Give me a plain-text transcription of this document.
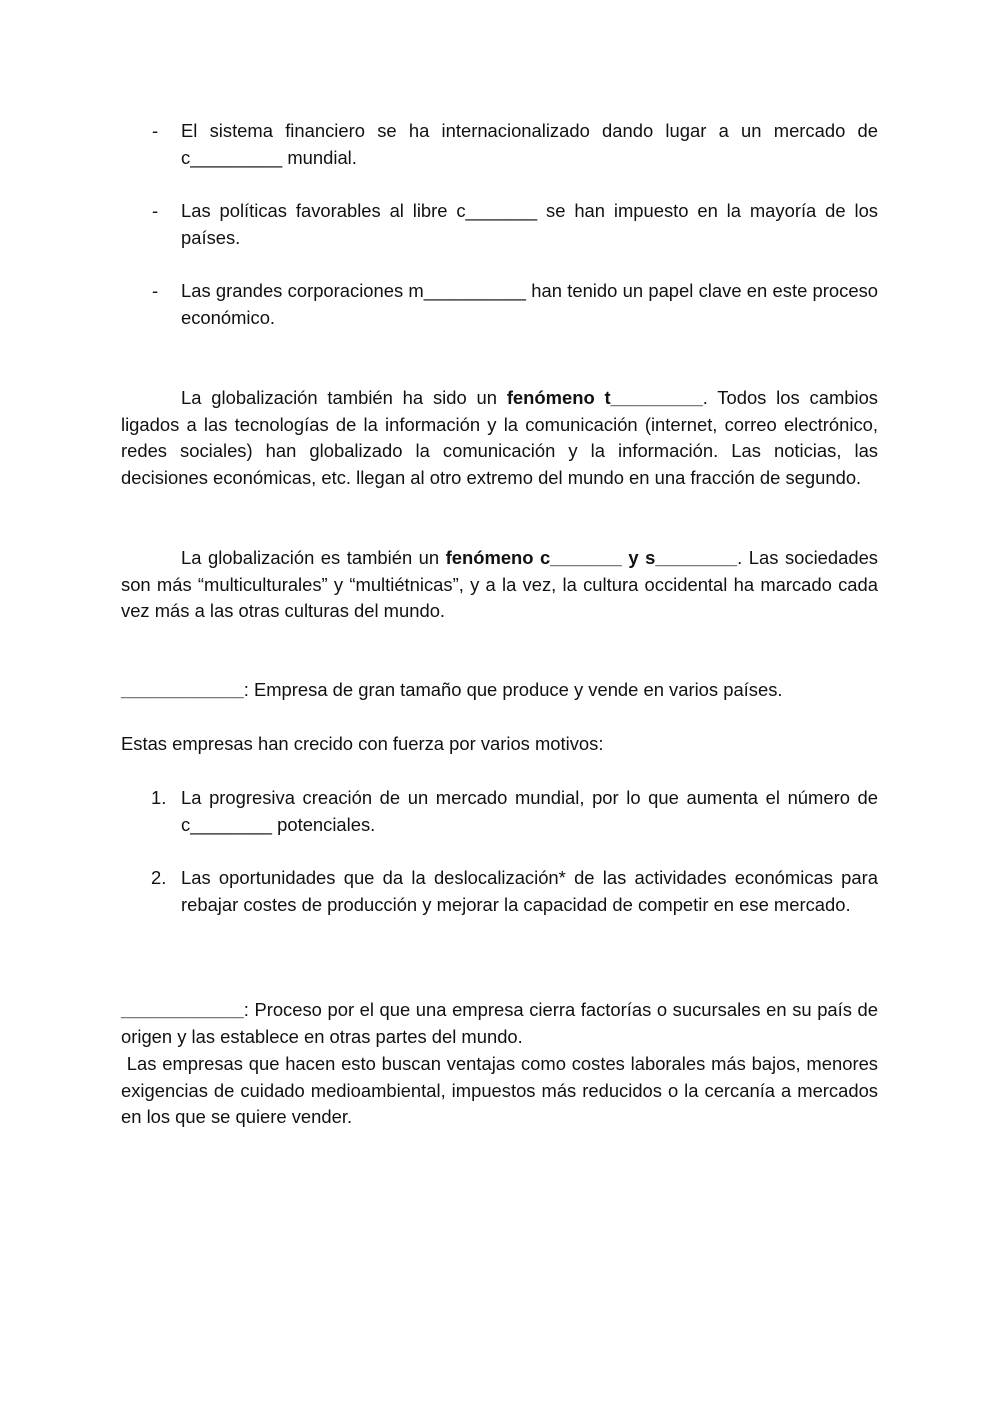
- El sistema financiero se ha internacionalizado dando lugar a un mercado de c_________ mundial.
- Las políticas favorables al libre c_______ se han impuesto en la mayoría de los países.
- Las grandes corporaciones m__________ han tenido un papel clave en este proceso económico.
La globalización también ha sido un fenómeno t_________. Todos los cambios ligados a las tecnologías de la información y la comunicación (internet, correo electrónico, redes sociales) han globalizado la comunicación y la información. Las noticias, las decisiones económicas, etc. llegan al otro extremo del mundo en una fracción de segundo.
La globalización es también un fenómeno c_______ y s________. Las sociedades son más “multiculturales” y “multiétnicas”, y a la vez, la cultura occidental ha marcado cada vez más a las otras culturas del mundo.
____________: Empresa de gran tamaño que produce y vende en varios países.
Estas empresas han crecido con fuerza por varios motivos:
1. La progresiva creación de un mercado mundial, por lo que aumenta el número de c________ potenciales.
2. Las oportunidades que da la deslocalización* de las actividades económicas para rebajar costes de producción y mejorar la capacidad de competir en ese mercado.
____________: Proceso por el que una empresa cierra factorías o sucursales en su país de origen y las establece en otras partes del mundo.
Las empresas que hacen esto buscan ventajas como costes laborales más bajos, menores exigencias de cuidado medioambiental, impuestos más reducidos o la cercanía a mercados en los que se quiere vender.
